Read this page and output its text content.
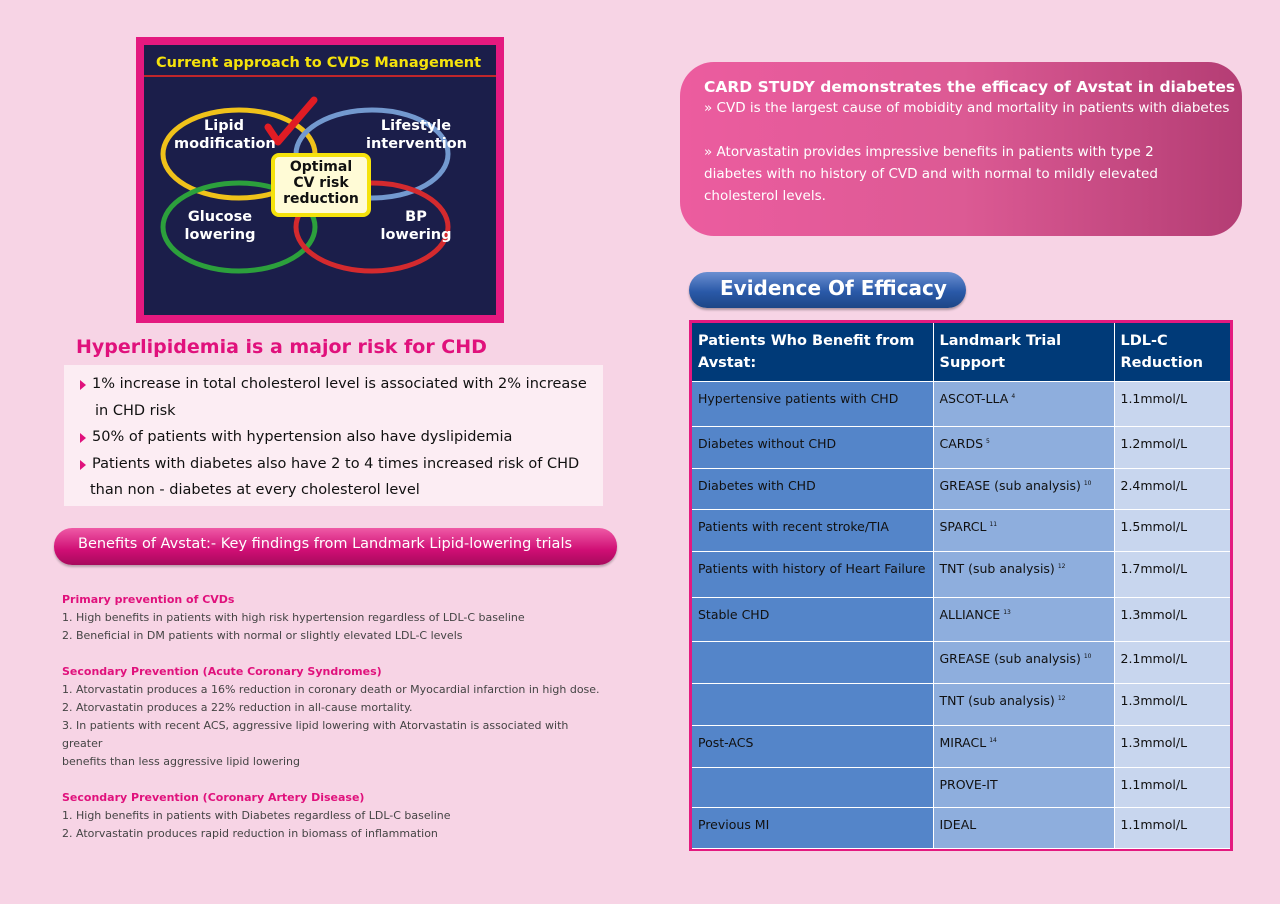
Current approach to CVDs Management
Lipid
modification
Lifestyle
intervention
Glucose
lowering
BP
lowering
Optimal
CV risk
reduction
Hyperlipidemia is a major risk for CHD
1% increase in total cholesterol level is associated with 2% increase
in CHD risk
50% of patients with hypertension also have dyslipidemia
Patients with diabetes also have 2 to 4 times increased risk of CHD
than non - diabetes at every cholesterol level
Benefits of Avstat:- Key findings from Landmark Lipid-lowering trials
Primary prevention of CVDs
1. High benefits in patients with high risk hypertension regardless of LDL-C baseline
2. Beneficial in DM patients with normal or slightly elevated LDL-C levels
Secondary Prevention (Acute Coronary Syndromes)
1. Atorvastatin produces a 16% reduction in coronary death or Myocardial infarction in high dose.
2. Atorvastatin produces a 22% reduction in all-cause mortality.
3. In patients with recent ACS, aggressive lipid lowering with Atorvastatin is associated with greater
benefits than less aggressive lipid lowering
Secondary Prevention (Coronary Artery Disease)
1. High benefits in patients with Diabetes regardless of LDL-C baseline
2. Atorvastatin produces rapid reduction in biomass of inflammation
CARD STUDY demonstrates the efficacy of Avstat in diabetes
» CVD is the largest cause of mobidity and mortality in patients with diabetes
» Atorvastatin provides impressive benefits in patients with type 2
diabetes with no history of CVD and with normal to mildly elevated
cholesterol levels.
Evidence Of Efficacy
Patients Who Benefit from Avstat:	Landmark Trial Support	LDL-C Reduction
Hypertensive patients with CHD	ASCOT-LLA $^4$	1.1mmol/L
Diabetes without CHD	CARDS $^5$	1.2mmol/L
Diabetes with CHD	GREASE (sub analysis) $^{10}$	2.4mmol/L
Patients with recent stroke/TIA	SPARCL $^{11}$	1.5mmol/L
Patients with history of Heart Failure	TNT (sub analysis) $^{12}$	1.7mmol/L
Stable CHD	ALLIANCE $^{13}$	1.3mmol/L
	GREASE (sub analysis) $^{10}$	2.1mmol/L
	TNT (sub analysis) $^{12}$	1.3mmol/L
Post-ACS	MIRACL $^{14}$	1.3mmol/L
	PROVE-IT	1.1mmol/L
Previous MI	IDEAL	1.1mmol/L
